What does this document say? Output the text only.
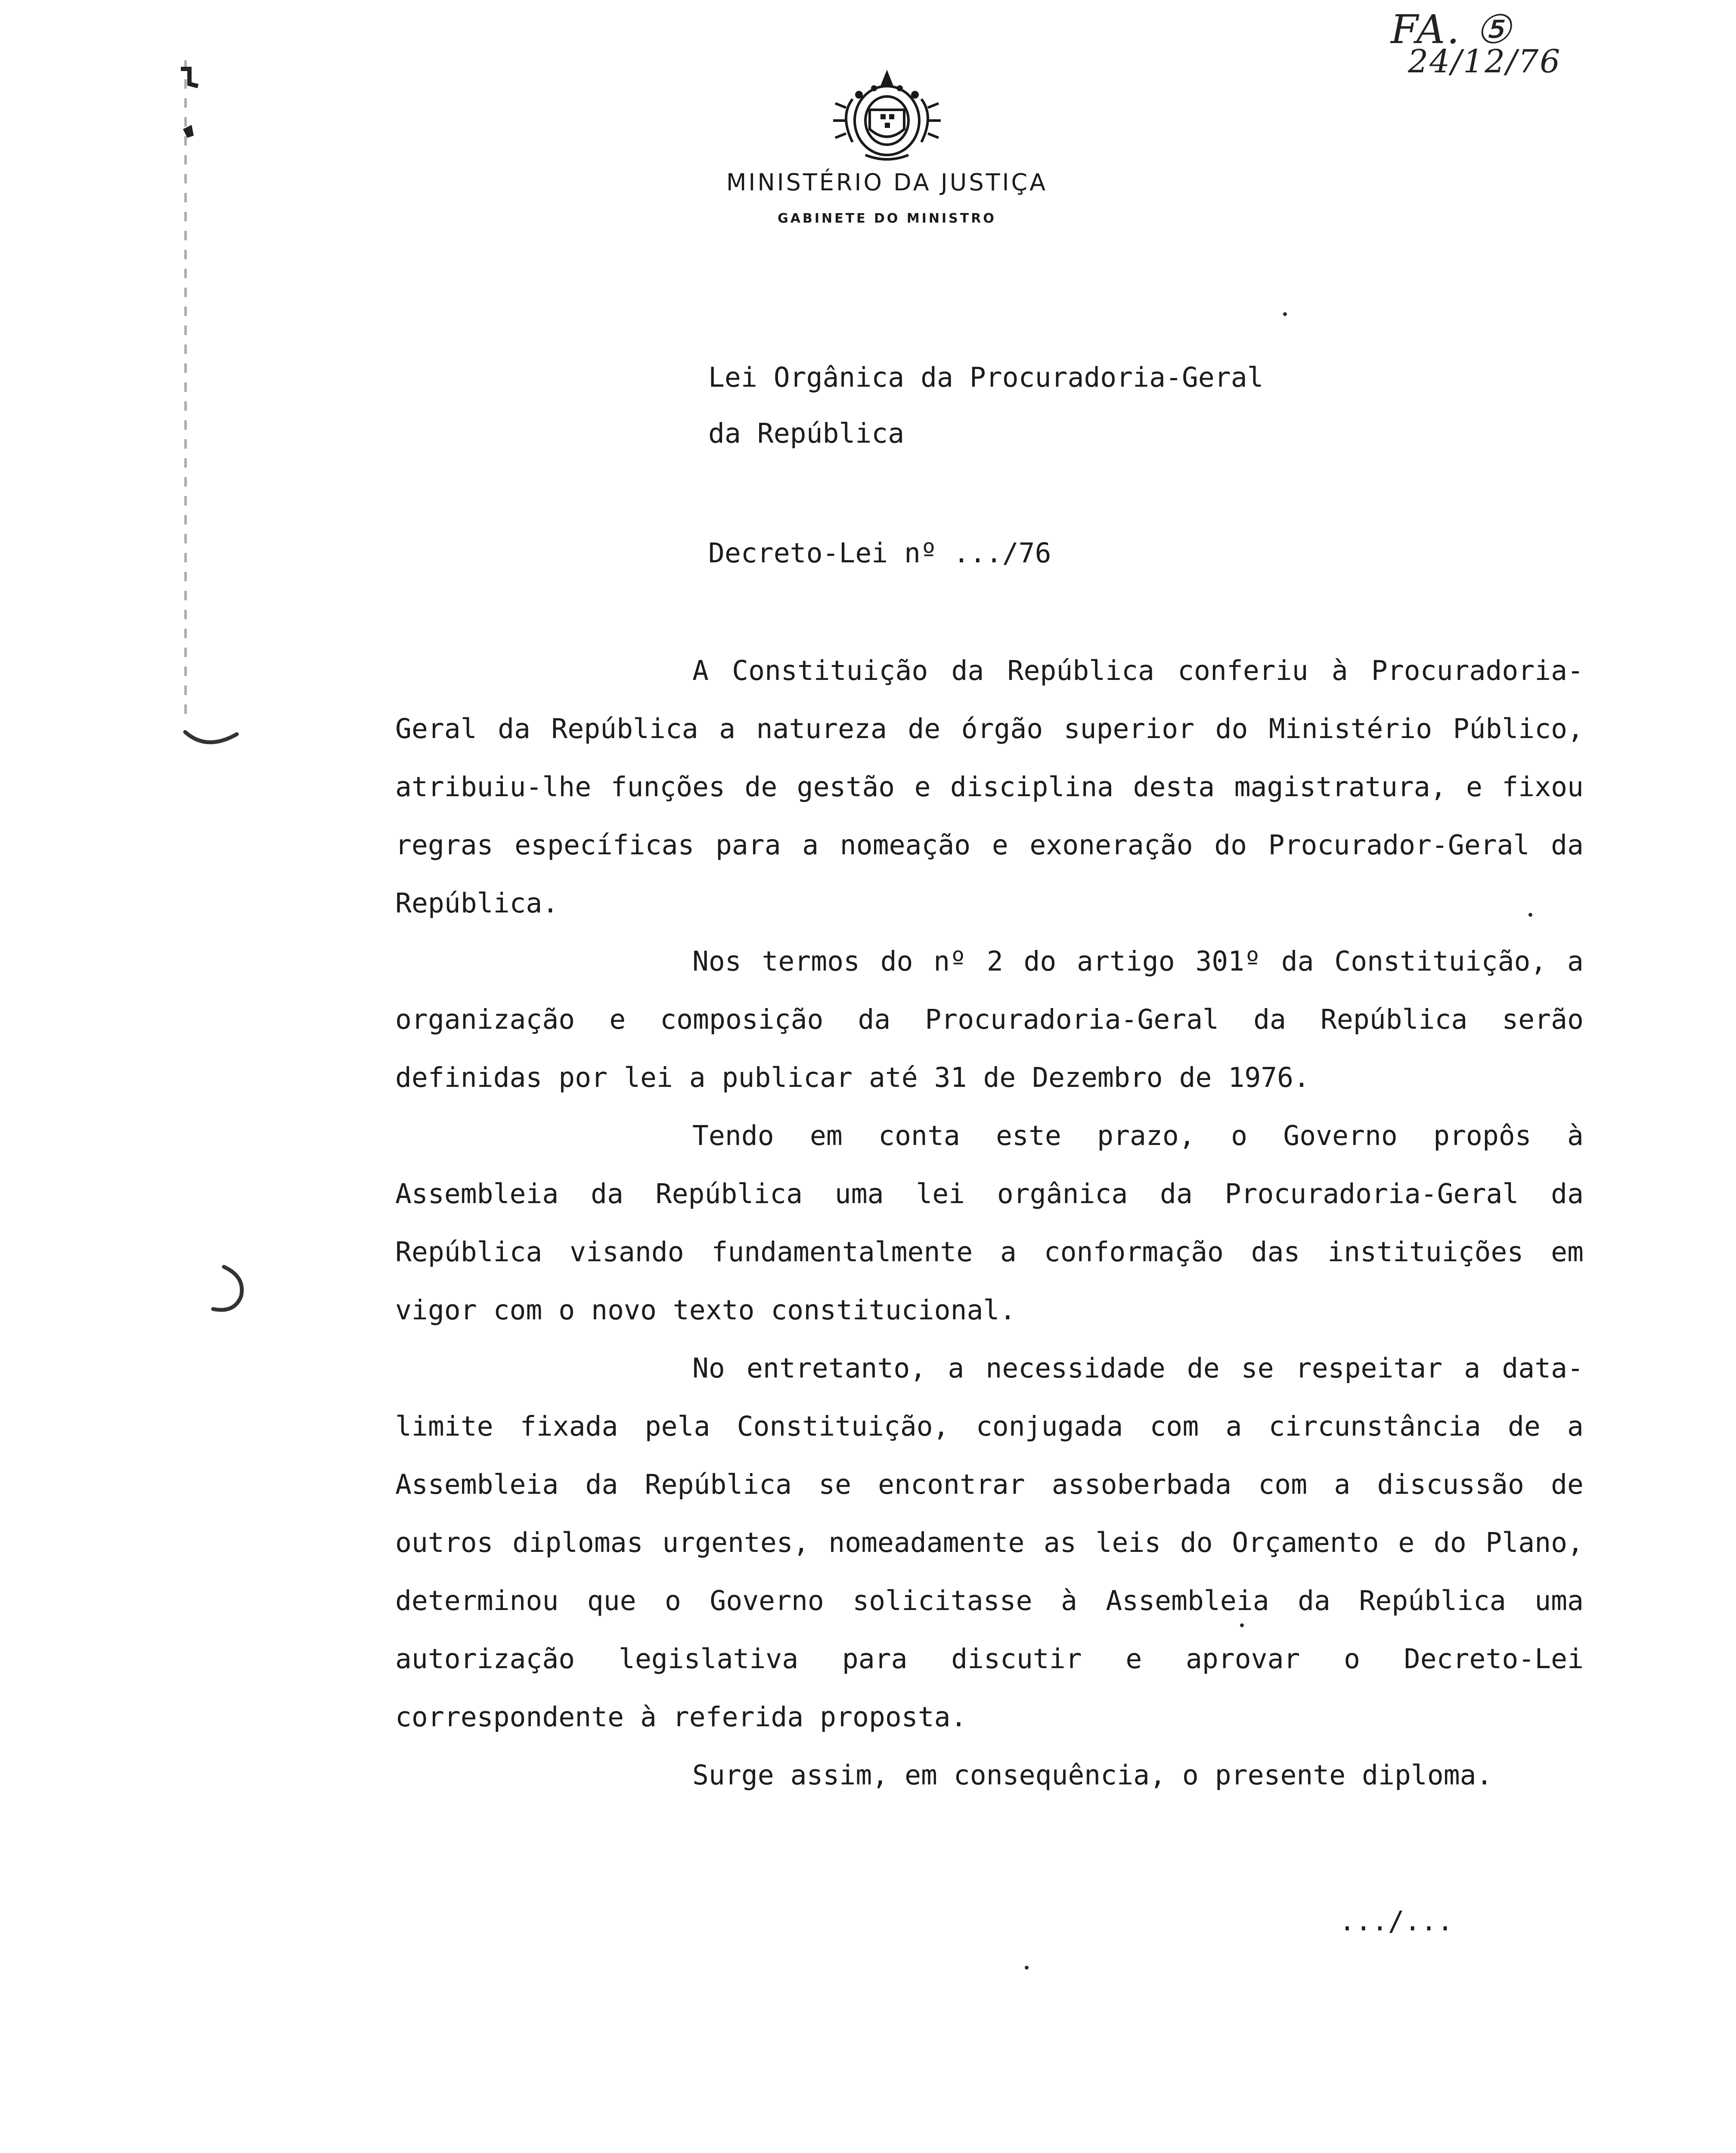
FA. ⑤
24/12/76
MINISTÉRIO DA JUSTIÇA
GABINETE DO MINISTRO
Lei Orgânica da Procuradoria-Geral
da República
Decreto-Lei nº .../76

A Constituição da República conferiu à Procuradoria-Geral da República a natureza de órgão superior do Ministério Público, atribuiu-lhe funções de gestão e disciplina desta magistratura, e fixou regras específicas para a nomeação e exoneração do Procurador-Geral da República.

Nos termos do nº 2 do artigo 301º da Constituição, a organização e composição da Procuradoria-Geral da República serão definidas por lei a publicar até 31 de Dezembro de 1976.

Tendo em conta este prazo, o Governo propôs à Assembleia da República uma lei orgânica da Procuradoria-Geral da República visando fundamentalmente a conformação das instituições em vigor com o novo texto constitucional.

No entretanto, a necessidade de se respeitar a data-limite fixada pela Constituição, conjugada com a circunstância de a Assembleia da República se encontrar assoberbada com a discussão de outros diplomas urgentes, nomeadamente as leis do Orçamento e do Plano, determinou que o Governo solicitasse à Assembleia da República uma autorização legislativa para discutir e aprovar o Decreto-Lei correspondente à referida proposta.

Surge assim, em consequência, o presente diploma.

.../...
